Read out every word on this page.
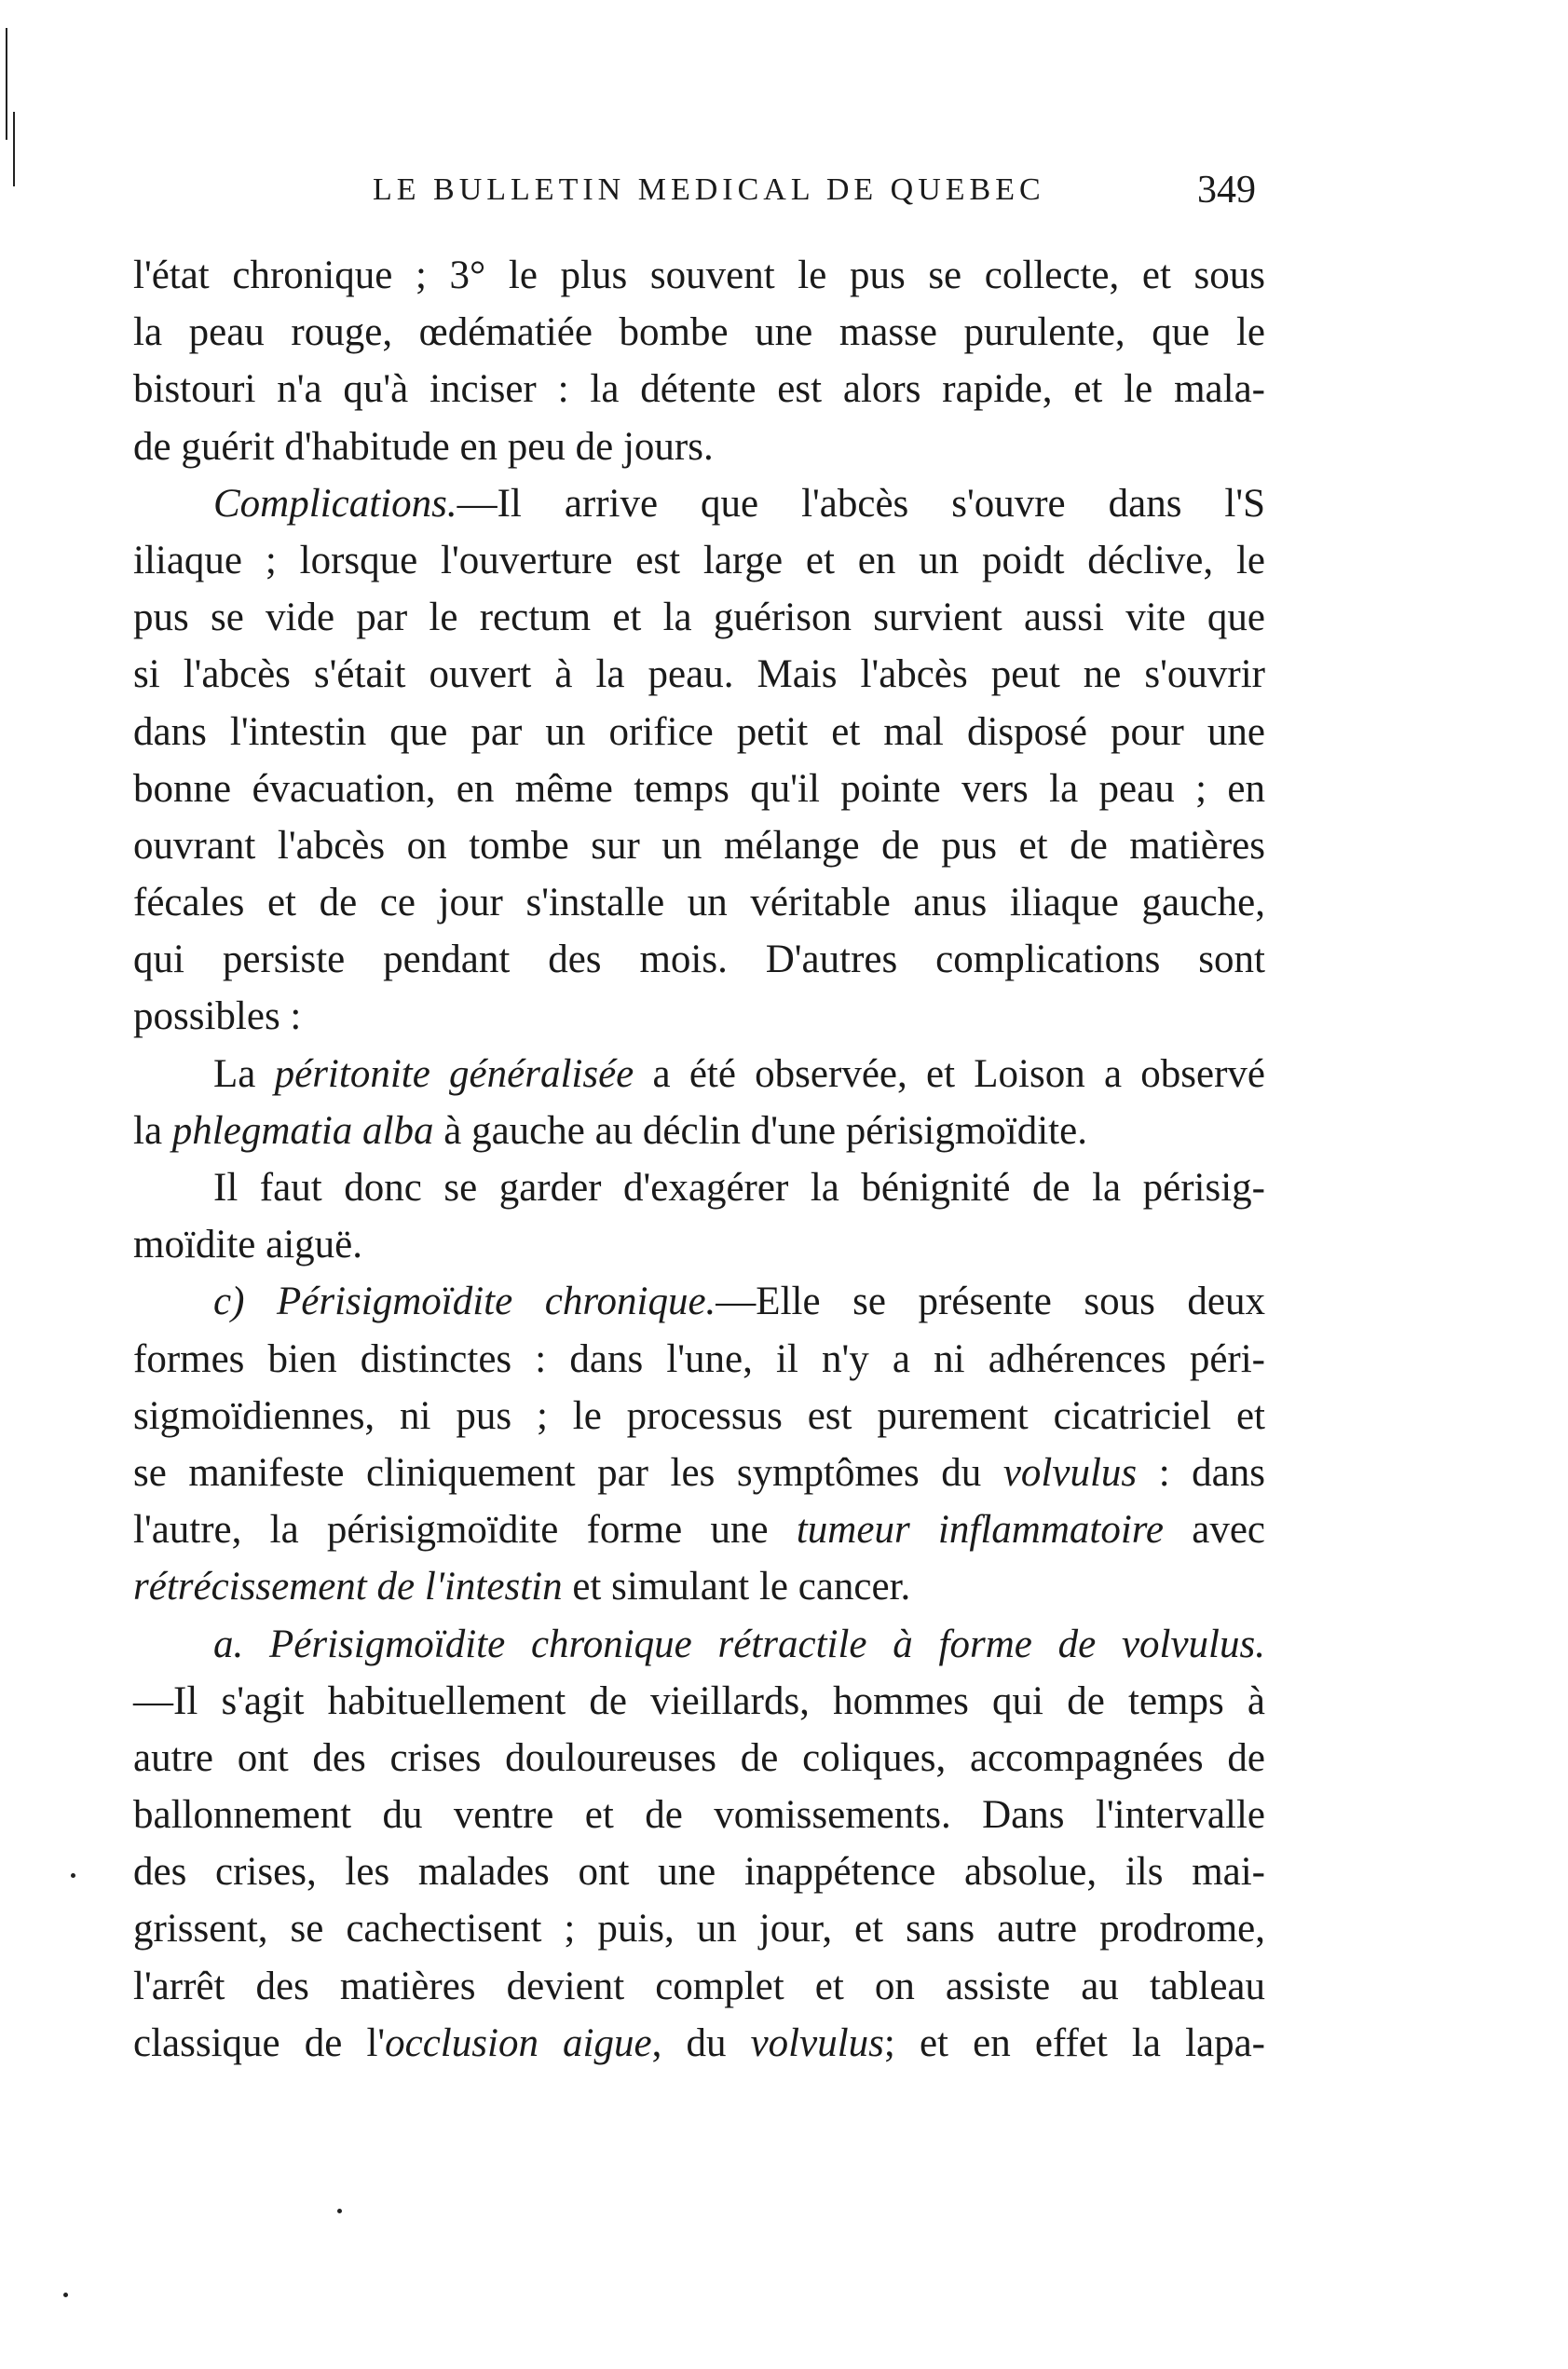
LE BULLETIN MEDICAL DE QUEBEC	349
l'état chronique ; 3° le plus souvent le pus se collecte, et sous
la peau rouge, œdématiée bombe une masse purulente, que le
bistouri n'a qu'à inciser : la détente est alors rapide, et le mala-
de guérit d'habitude en peu de jours.
Complications.—Il arrive que l'abcès s'ouvre dans l'S
iliaque ; lorsque l'ouverture est large et en un poidt déclive, le
pus se vide par le rectum et la guérison survient aussi vite que
si l'abcès s'était ouvert à la peau. Mais l'abcès peut ne s'ouvrir
dans l'intestin que par un orifice petit et mal disposé pour une
bonne évacuation, en même temps qu'il pointe vers la peau ; en
ouvrant l'abcès on tombe sur un mélange de pus et de matières
fécales et de ce jour s'installe un véritable anus iliaque gauche,
qui persiste pendant des mois. D'autres complications sont
possibles :
La péritonite généralisée a été observée, et Loison a observé
la phlegmatia alba à gauche au déclin d'une périsigmoïdite.
Il faut donc se garder d'exagérer la bénignité de la périsig-
moïdite aiguë.
c) Périsigmoïdite chronique.—Elle se présente sous deux
formes bien distinctes : dans l'une, il n'y a ni adhérences péri-
sigmoïdiennes, ni pus ; le processus est purement cicatriciel et
se manifeste cliniquement par les symptômes du volvulus : dans
l'autre, la périsigmoïdite forme une tumeur inflammatoire avec
rétrécissement de l'intestin et simulant le cancer.
a. Périsigmoïdite chronique rétractile à forme de volvulus.
—Il s'agit habituellement de vieillards, hommes qui de temps à
autre ont des crises douloureuses de coliques, accompagnées de
ballonnement du ventre et de vomissements. Dans l'intervalle
des crises, les malades ont une inappétence absolue, ils mai-
grissent, se cachectisent ; puis, un jour, et sans autre prodrome,
l'arrêt des matières devient complet et on assiste au tableau
classique de l'occlusion aigue, du volvulus; et en effet la lapa-
